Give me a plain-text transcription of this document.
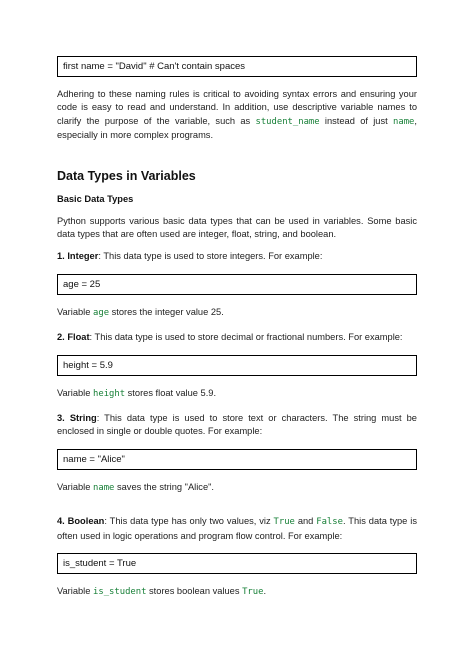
first name = "David" # Can't contain spaces

Adhering to these naming rules is critical to avoiding syntax errors and ensuring your code is easy to read and understand. In addition, use descriptive variable names to clarify the purpose of the variable, such as student_name instead of just name, especially in more complex programs.

Data Types in Variables
Basic Data Types

Python supports various basic data types that can be used in variables. Some basic data types that are often used are integer, float, string, and boolean.

1. Integer: This data type is used to store integers. For example:

age = 25

Variable age stores the integer value 25.

2. Float: This data type is used to store decimal or fractional numbers. For example:

height = 5.9

Variable height stores float value 5.9.

3. String: This data type is used to store text or characters. The string must be enclosed in single or double quotes. For example:

name = "Alice"

Variable name saves the string "Alice".

4. Boolean: This data type has only two values, viz True and False. This data type is often used in logic operations and program flow control. For example:

is_student = True

Variable is_student stores boolean values True.
